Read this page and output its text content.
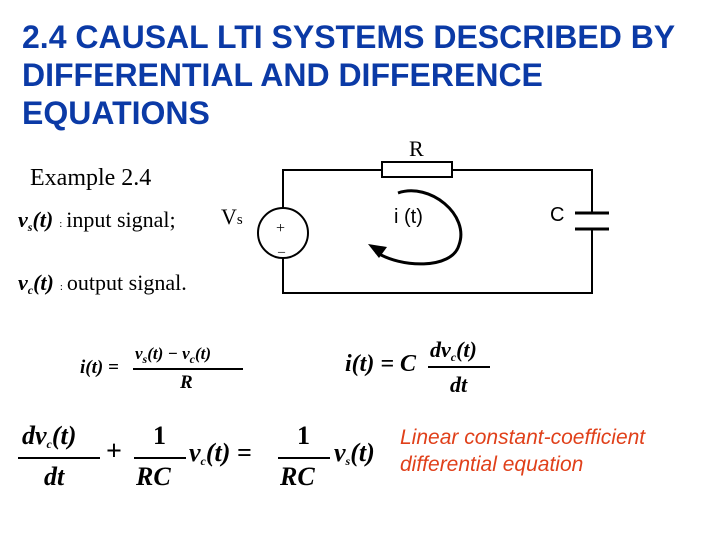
2.4 CAUSAL LTI SYSTEMS DESCRIBED BY DIFFERENTIAL AND DIFFERENCE EQUATIONS
Example 2.4
$v_s(t)$ : input signal;
$v_c(t)$ : output signal.
+
_
Vs
R
i (t)	C
i(t) =
$v_s(t) - v_c(t)$
R
i(t) = C
$dv_c(t)$
dt
$dv_c(t)$
dt
+
1
RC
$v_c(t)$ =
1
RC
$v_s(t)$
Linear constant-coefficient differential equation
